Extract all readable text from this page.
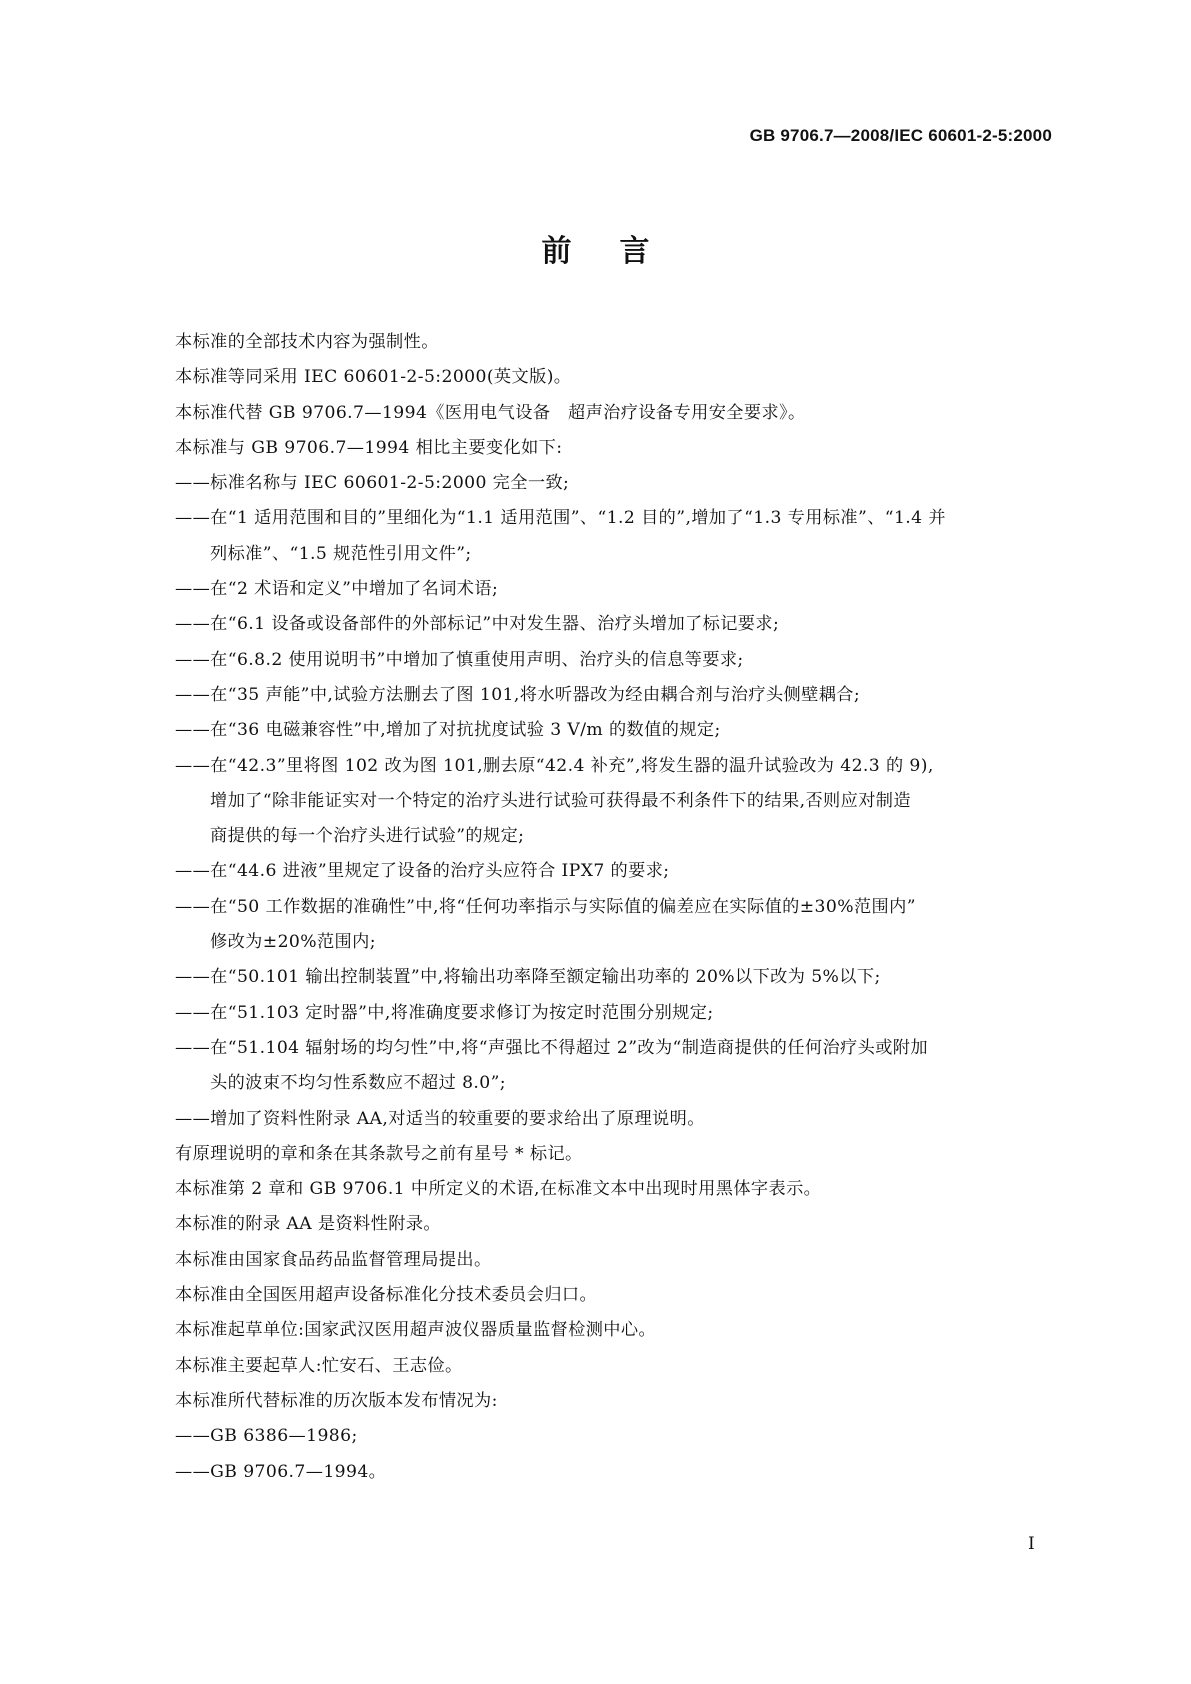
GB 9706.7—2008/IEC 60601-2-5:2000
前言
本标准的全部技术内容为强制性。
本标准等同采用 IEC 60601-2-5:2000(英文版)。
本标准代替 GB 9706.7—1994《医用电气设备　超声治疗设备专用安全要求》。
本标准与 GB 9706.7—1994 相比主要变化如下:
——标准名称与 IEC 60601-2-5:2000 完全一致;
——在“1 适用范围和目的”里细化为“1.1 适用范围”、“1.2 目的”,增加了“1.3 专用标准”、“1.4 并
列标准”、“1.5 规范性引用文件”;
——在“2 术语和定义”中增加了名词术语;
——在“6.1 设备或设备部件的外部标记”中对发生器、治疗头增加了标记要求;
——在“6.8.2 使用说明书”中增加了慎重使用声明、治疗头的信息等要求;
——在“35 声能”中,试验方法删去了图 101,将水听器改为经由耦合剂与治疗头侧壁耦合;
——在“36 电磁兼容性”中,增加了对抗扰度试验 3 V/m 的数值的规定;
——在“42.3”里将图 102 改为图 101,删去原“42.4 补充”,将发生器的温升试验改为 42.3 的 9),
增加了“除非能证实对一个特定的治疗头进行试验可获得最不利条件下的结果,否则应对制造
商提供的每一个治疗头进行试验”的规定;
——在“44.6 进液”里规定了设备的治疗头应符合 IPX7 的要求;
——在“50 工作数据的准确性”中,将“任何功率指示与实际值的偏差应在实际值的±30%范围内”
修改为±20%范围内;
——在“50.101 输出控制装置”中,将输出功率降至额定输出功率的 20%以下改为 5%以下;
——在“51.103 定时器”中,将准确度要求修订为按定时范围分别规定;
——在“51.104 辐射场的均匀性”中,将“声强比不得超过 2”改为“制造商提供的任何治疗头或附加
头的波束不均匀性系数应不超过 8.0”;
——增加了资料性附录 AA,对适当的较重要的要求给出了原理说明。
有原理说明的章和条在其条款号之前有星号 * 标记。
本标准第 2 章和 GB 9706.1 中所定义的术语,在标准文本中出现时用黑体字表示。
本标准的附录 AA 是资料性附录。
本标准由国家食品药品监督管理局提出。
本标准由全国医用超声设备标准化分技术委员会归口。
本标准起草单位:国家武汉医用超声波仪器质量监督检测中心。
本标准主要起草人:忙安石、王志俭。
本标准所代替标准的历次版本发布情况为:
——GB 6386—1986;
——GB 9706.7—1994。
I
